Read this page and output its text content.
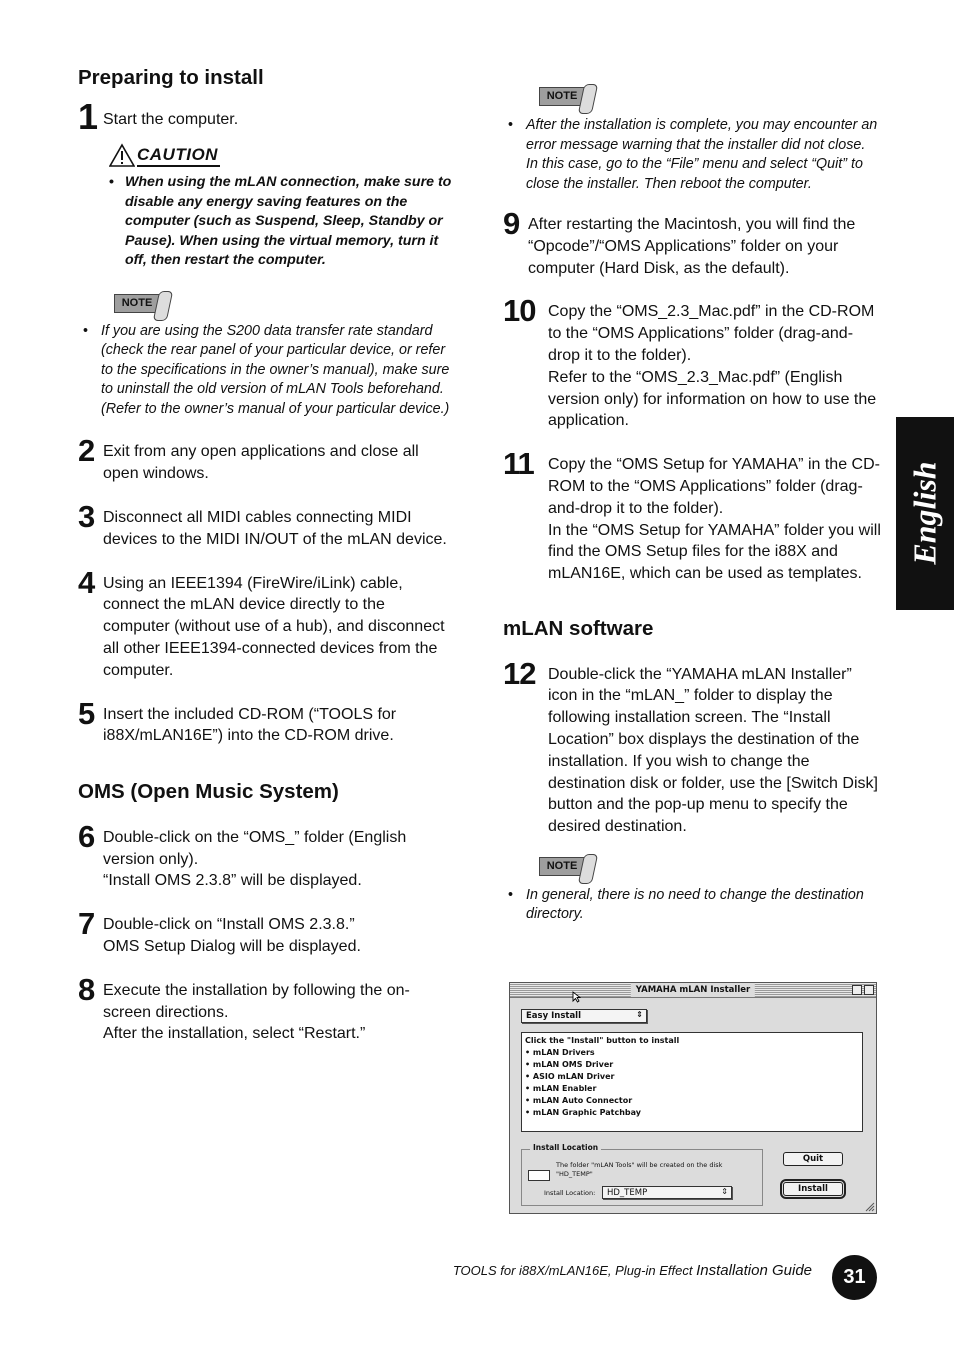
Preparing to install
1 Start the computer.

CAUTION
• When using the mLAN connection, make sure to disable any energy saving features on the computer (such as Suspend, Sleep, Standby or Pause). When using the virtual memory, turn it off, then restart the computer.
NOTE
• If you are using the S200 data transfer rate standard (check the rear panel of your particular device, or refer to the specifications in the owner’s manual), make sure to uninstall the old version of mLAN Tools beforehand. (Refer to the owner’s manual of your particular device.)
2 Exit from any open applications and close all open windows.

3 Disconnect all MIDI cables connecting MIDI devices to the MIDI IN/OUT of the mLAN device.

4 Using an IEEE1394 (FireWire/iLink) cable, connect the mLAN device directly to the computer (without use of a hub), and disconnect all other IEEE1394-connected devices from the computer.

5 Insert the included CD-ROM (“TOOLS for i88X/mLAN16E”) into the CD-ROM drive.

OMS (Open Music System)
6 Double-click on the “OMS_” folder (English version only).

“Install OMS 2.3.8” will be displayed.

7 Double-click on “Install OMS 2.3.8.”

OMS Setup Dialog will be displayed.

8 Execute the installation by following the on-screen directions.

After the installation, select “Restart.”

NOTE
• After the installation is complete, you may encounter an error message warning that the installer did not close. In this case, go to the “File” menu and select “Quit” to close the installer. Then reboot the computer.
9 After restarting the Macintosh, you will find the “Opcode”/“OMS Applications” folder on your computer (Hard Disk, as the default).

10 Copy the “OMS_2.3_Mac.pdf” in the CD-ROM to the “OMS Applications” folder (drag-and-drop it to the folder).

Refer to the “OMS_2.3_Mac.pdf” (English version only) for information on how to use the application.

11 Copy the “OMS Setup for YAMAHA” in the CD-ROM to the “OMS Applications” folder (drag-and-drop it to the folder).

In the “OMS Setup for YAMAHA” folder you will find the OMS Setup files for the i88X and mLAN16E, which can be used as templates.

mLAN software
12 Double-click the “YAMAHA mLAN Installer” icon in the “mLAN_” folder to display the following installation screen. The “Install Location” box displays the destination of the installation. If you wish to change the destination disk or folder, use the [Switch Disk] button and the pop-up menu to specify the desired destination.

NOTE
• In general, there is no need to change the destination directory.
YAMAHA mLAN Installer
Easy Install	⇕
Click the "Install" button to install
• mLAN Drivers
• mLAN OMS Driver
• ASIO mLAN Driver
• mLAN Enabler
• mLAN Auto Connector
• mLAN Graphic Patchbay
Install Location
The folder "mLAN Tools" will be created on the disk
"HD_TEMP"
Install Location:	HD_TEMP	⇕
Quit
Install
English
TOOLS for i88X/mLAN16E, Plug-in Effect Installation Guide	31
